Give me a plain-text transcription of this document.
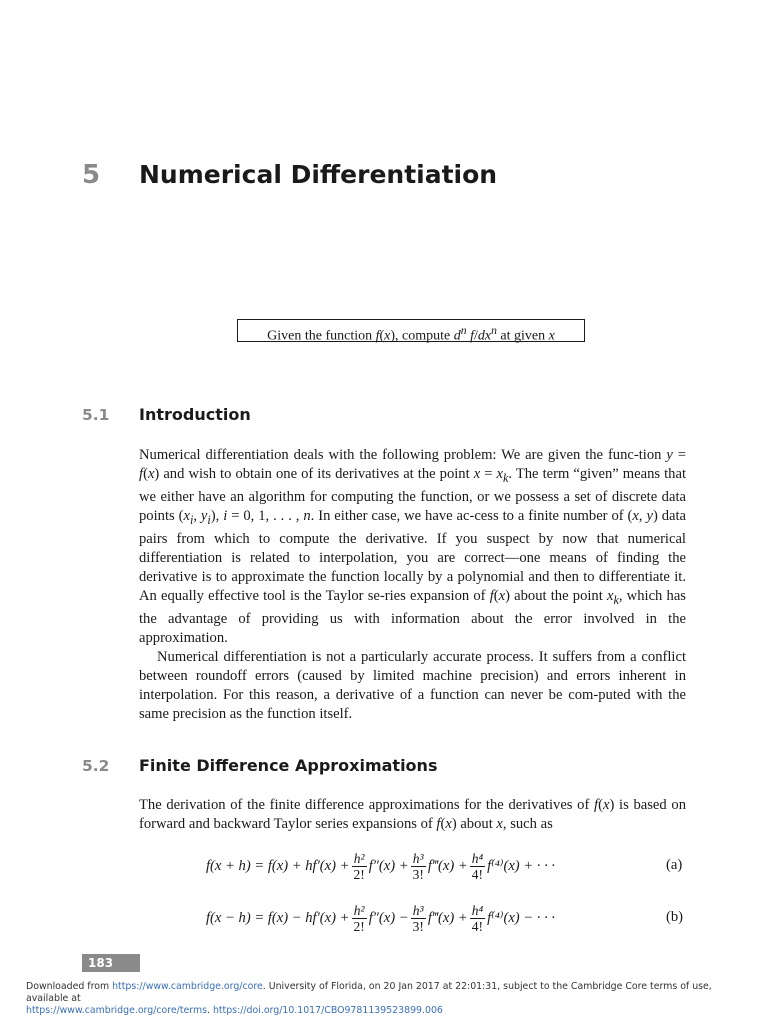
5 Numerical Differentiation
Given the function f(x), compute $d^n$ $f/dx^n$ at given x
5.1 Introduction

Numerical differentiation deals with the following problem: We are given the func-tion y = f(x) and wish to obtain one of its derivatives at the point $x = x_k$. The term “given” means that we either have an algorithm for computing the function, or we possess a set of discrete data points ($x_i$, $y_i$), i = 0, 1, . . . , n. In either case, we have ac-cess to a finite number of (x, y) data pairs from which to compute the derivative. If you suspect by now that numerical differentiation is related to interpolation, you are correct—one means of finding the derivative is to approximate the function locally by a polynomial and then to differentiate it. An equally effective tool is the Taylor se-ries expansion of f(x) about the point $x_k$, which has the advantage of providing us with information about the error involved in the approximation.

Numerical differentiation is not a particularly accurate process. It suffers from a conflict between roundoff errors (caused by limited machine precision) and errors inherent in interpolation. For this reason, a derivative of a function can never be com-puted with the same precision as the function itself.

5.2 Finite Difference Approximations

The derivation of the finite difference approximations for the derivatives of f(x) is based on forward and backward Taylor series expansions of f(x) about x, such as

$f(x + h) = f(x) + hf'(x) + \frac{\text{h²}}{2!} f''(x) + \frac{\text{h³}}{3!}$ f‴(x) + $\frac{\text{h⁴}}{4!} f^{(4)}(x)$ + · · ·	(a)
$f(x - h) = f(x) - hf'(x) + \frac{\text{h²}}{2!} f''(x) - \frac{\text{h³}}{3!}$ f‴(x) + $\frac{\text{h⁴}}{4!} f^{(4)}(x)$ − · · ·	(b)
183
Downloaded from https://www.cambridge.org/core. University of Florida, on 20 Jan 2017 at 22:01:31, subject to the Cambridge Core terms of use, available at
https://www.cambridge.org/core/terms. https://doi.org/10.1017/CBO9781139523899.006
